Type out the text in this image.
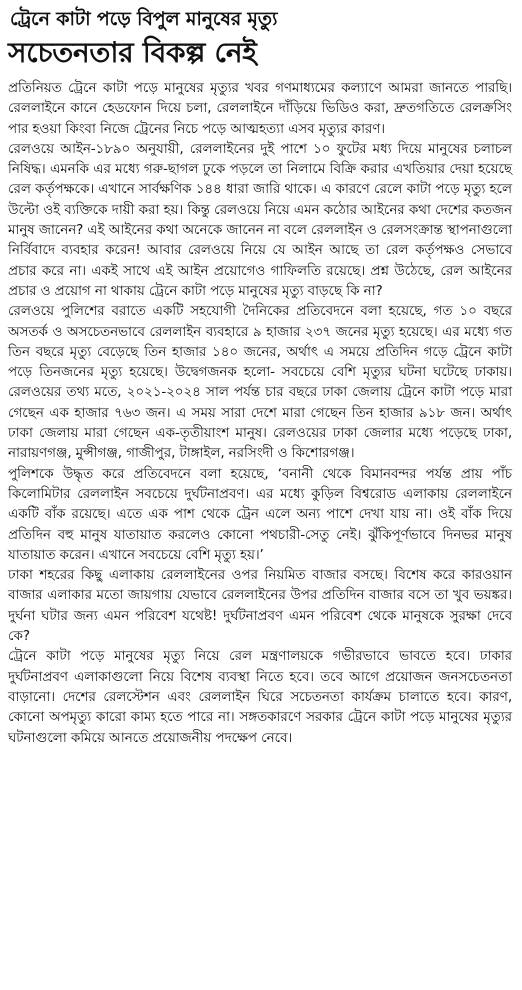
ট্রেনে কাটা পড়ে বিপুল মানুষের মৃত্যু
সচেতনতার বিকল্প নেই

প্রতিনিয়ত ট্রেনে কাটা পড়ে মানুষের মৃত্যুর খবর গণমাধ্যমের কল্যাণে আমরা জানতে পারছি। রেললাইনে কানে হেডফোন দিয়ে চলা, রেললাইনে দাঁড়িয়ে ভিডিও করা, দ্রুতগতিতে রেলক্রসিং পার হওয়া কিংবা নিজে ট্রেনের নিচে পড়ে আত্মহত্যা এসব মৃত্যুর কারণ।

রেলওয়ে আইন-১৮৯০ অনুযায়ী, রেললাইনের দুই পাশে ১০ ফুটের মধ্য দিয়ে মানুষের চলাচল নিষিদ্ধ। এমনকি এর মধ্যে গরু-ছাগল ঢুকে পড়লে তা নিলামে বিক্রি করার এখতিয়ার দেয়া হয়েছে রেল কর্তৃপক্ষকে। এখানে সার্বক্ষণিক ১৪৪ ধারা জারি থাকে। এ কারণে রেলে কাটা পড়ে মৃত্যু হলে উল্টো ওই ব্যক্তিকে দায়ী করা হয়। কিন্তু রেলওয়ে নিয়ে এমন কঠোর আইনের কথা দেশের কতজন মানুষ জানেন? এই আইনের কথা অনেকে জানেন না বলে রেললাইন ও রেলসংক্রান্ত স্থাপনাগুলো নির্বিবাদে ব্যবহার করেন! আবার রেলওয়ে নিয়ে যে আইন আছে তা রেল কর্তৃপক্ষও সেভাবে প্রচার করে না। একই সাথে এই আইন প্রয়োগেও গাফিলতি রয়েছে। প্রশ্ন উঠেছে, রেল আইনের প্রচার ও প্রয়োগ না থাকায় ট্রেনে কাটা পড়ে মানুষের মৃত্যু বাড়ছে কি না?

রেলওয়ে পুলিশের বরাতে একটি সহযোগী দৈনিকের প্রতিবেদনে বলা হয়েছে, গত ১০ বছরে অসতর্ক ও অসচেতনভাবে রেললাইন ব্যবহারে ৯ হাজার ২৩৭ জনের মৃত্যু হয়েছে। এর মধ্যে গত তিন বছরে মৃত্যু বেড়েছে তিন হাজার ১৪০ জনের, অর্থাৎ এ সময়ে প্রতিদিন গড়ে ট্রেনে কাটা পড়ে তিনজনের মৃত্যু হয়েছে। উদ্বেগজনক হলো- সবচেয়ে বেশি মৃত্যুর ঘটনা ঘটেছে ঢাকায়। রেলওয়ের তথ্য মতে, ২০২১-২০২৪ সাল পর্যন্ত চার বছরে ঢাকা জেলায় ট্রেনে কাটা পড়ে মারা গেছেন এক হাজার ৭৬৩ জন। এ সময় সারা দেশে মারা গেছেন তিন হাজার ৯১৮ জন। অর্থাৎ ঢাকা জেলায় মারা গেছেন এক-তৃতীয়াংশ মানুষ। রেলওয়ের ঢাকা জেলার মধ্যে পড়েছে ঢাকা, নারায়ণগঞ্জ, মুন্সীগঞ্জ, গাজীপুর, টাঙ্গাইল, নরসিংদী ও কিশোরগঞ্জ।

পুলিশকে উদ্ধৃত করে প্রতিবেদনে বলা হয়েছে, ‘বনানী থেকে বিমানবন্দর পর্যন্ত প্রায় পাঁচ কিলোমিটার রেললাইন সবচেয়ে দুর্ঘটনাপ্রবণ। এর মধ্যে কুড়িল বিশ্বরোড এলাকায় রেললাইনে একটি বাঁক রয়েছে। এতে এক পাশ থেকে ট্রেন এলে অন্য পাশে দেখা যায় না। ওই বাঁক দিয়ে প্রতিদিন বহু মানুষ যাতায়াত করলেও কোনো পথচারী-সেতু নেই। ঝুঁকিপূর্ণভাবে দিনভর মানুষ যাতায়াত করেন। এখানে সবচেয়ে বেশি মৃত্যু হয়।’

ঢাকা শহরের কিছু এলাকায় রেললাইনের ওপর নিয়মিত বাজার বসছে। বিশেষ করে কারওয়ান বাজার এলাকার মতো জায়গায় যেভাবে রেললাইনের উপর প্রতিদিন বাজার বসে তা খুব ভয়ঙ্কর। দুর্ঘনা ঘটার জন্য এমন পরিবেশ যথেষ্ট! দুর্ঘটনাপ্রবণ এমন পরিবেশ থেকে মানুষকে সুরক্ষা দেবে কে?

ট্রেনে কাটা পড়ে মানুষের মৃত্যু নিয়ে রেল মন্ত্রণালয়কে গভীরভাবে ভাবতে হবে। ঢাকার দুর্ঘটনাপ্রবণ এলাকাগুলো নিয়ে বিশেষ ব্যবস্থা নিতে হবে। তবে আগে প্রয়োজন জনসচেতনতা বাড়ানো। দেশের রেলস্টেশন এবং রেললাইন ঘিরে সচেতনতা কার্যক্রম চালাতে হবে। কারণ, কোনো অপমৃত্যু কারো কাম্য হতে পারে না। সঙ্গতকারণে সরকার ট্রেনে কাটা পড়ে মানুষের মৃত্যুর ঘটনাগুলো কমিয়ে আনতে প্রয়োজনীয় পদক্ষেপ নেবে।
